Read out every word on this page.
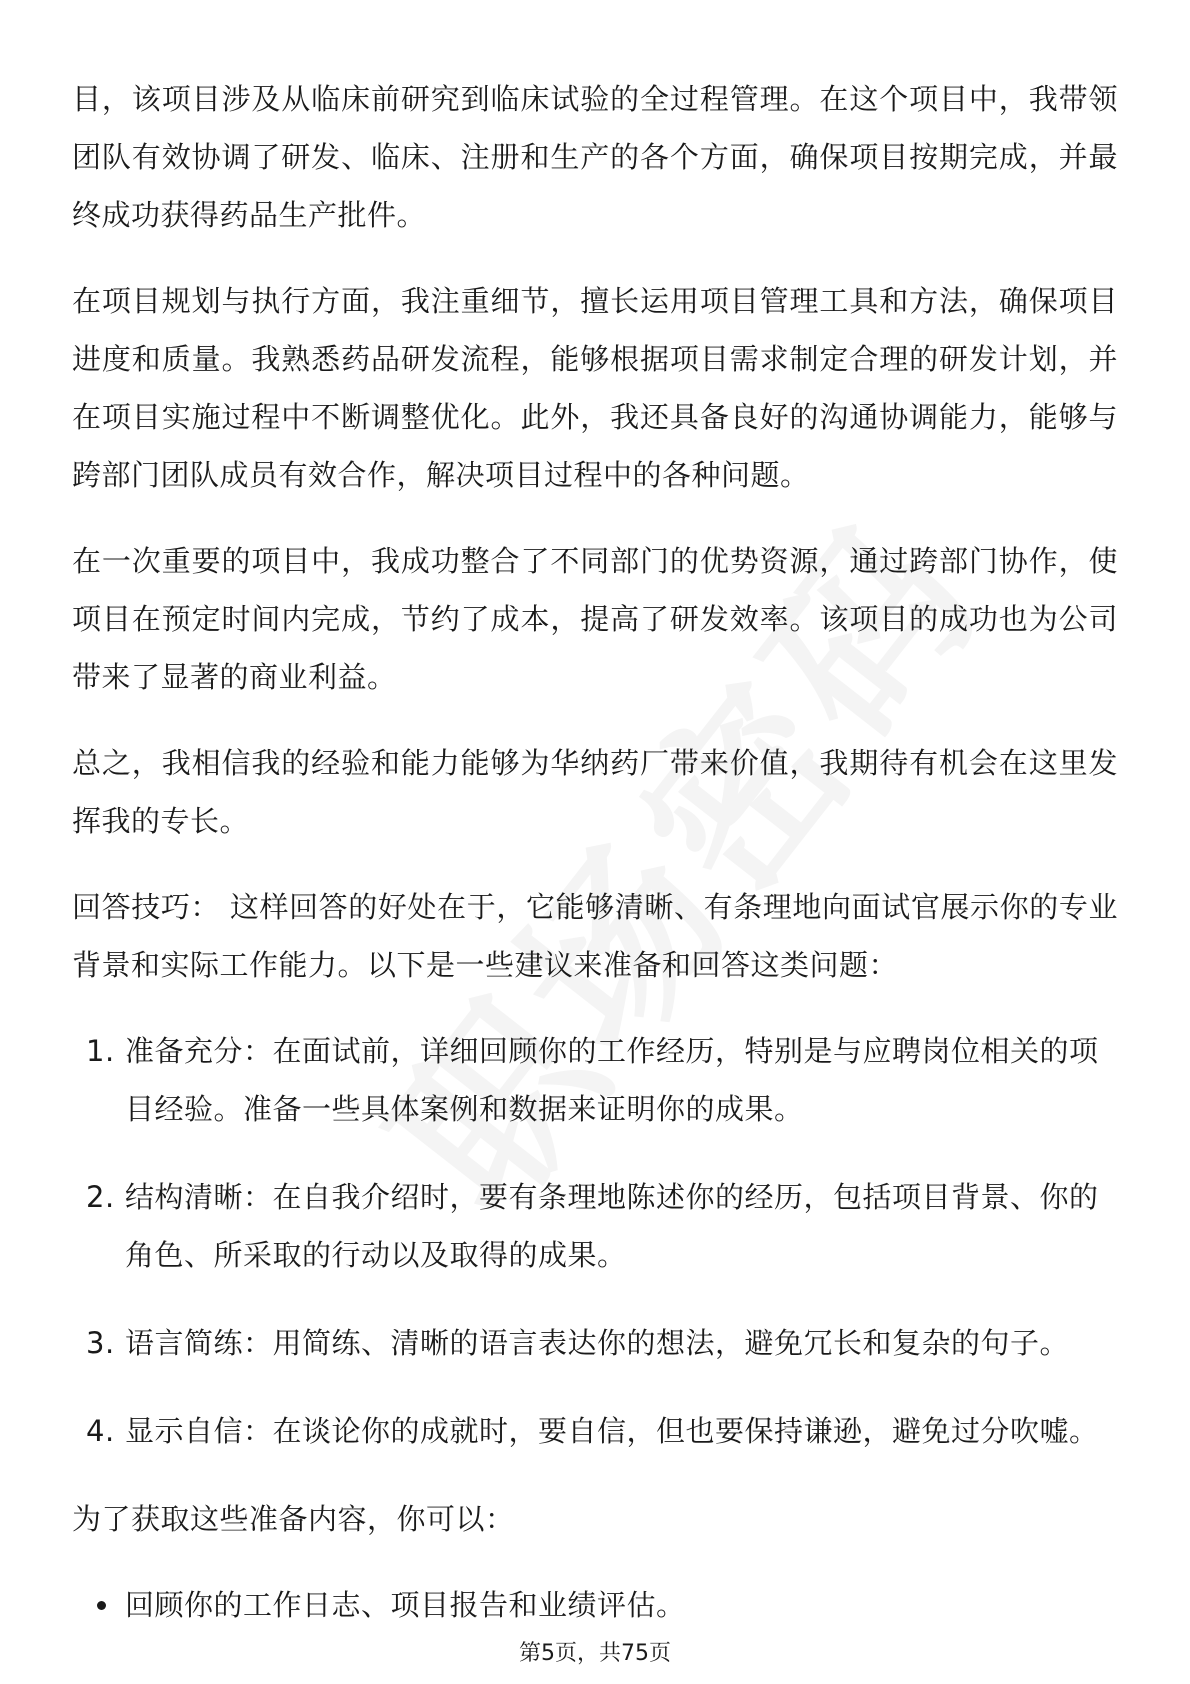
目，该项目涉及从临床前研究到临床试验的全过程管理。在这个项目中，我带领团队有效协调了研发、临床、注册和生产的各个方面，确保项目按期完成，并最终成功获得药品生产批件。

在项目规划与执行方面，我注重细节，擅长运用项目管理工具和方法，确保项目进度和质量。我熟悉药品研发流程，能够根据项目需求制定合理的研发计划，并在项目实施过程中不断调整优化。此外，我还具备良好的沟通协调能力，能够与跨部门团队成员有效合作，解决项目过程中的各种问题。

在一次重要的项目中，我成功整合了不同部门的优势资源，通过跨部门协作，使项目在预定时间内完成，节约了成本，提高了研发效率。该项目的成功也为公司带来了显著的商业利益。

总之，我相信我的经验和能力能够为华纳药厂带来价值，我期待有机会在这里发挥我的专长。

回答技巧： 这样回答的好处在于，它能够清晰、有条理地向面试官展示你的专业背景和实际工作能力。以下是一些建议来准备和回答这类问题：

1. 准备充分：在面试前，详细回顾你的工作经历，特别是与应聘岗位相关的项目经验。准备一些具体案例和数据来证明你的成果。
2. 结构清晰：在自我介绍时，要有条理地陈述你的经历，包括项目背景、你的角色、所采取的行动以及取得的成果。
3. 语言简练：用简练、清晰的语言表达你的想法，避免冗长和复杂的句子。
4. 显示自信：在谈论你的成就时，要自信，但也要保持谦逊，避免过分吹嘘。

为了获取这些准备内容，你可以：

回顾你的工作日志、项目报告和业绩评估。
第5页，共75页
